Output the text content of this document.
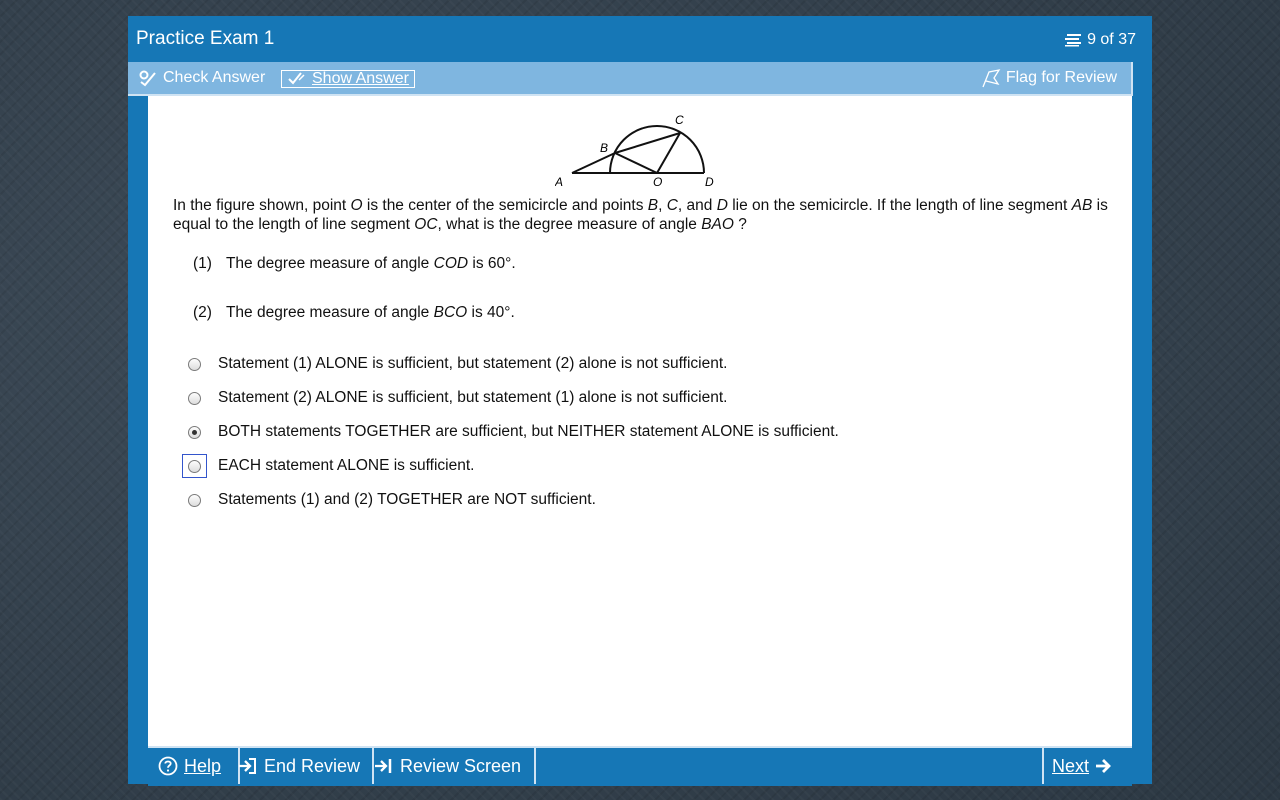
Practice Exam 1	9 of 37
Check Answer	Show Answer	Flag for Review
A
B
C
O	D
In the figure shown, point O is the center of the semicircle and points B, C, and D lie on the semicircle. If the length of line segment AB is equal to the length of line segment OC, what is the degree measure of angle BAO ?
(1) The degree measure of angle COD is 60°.
(2) The degree measure of angle BCO is 40°.
Statement (1) ALONE is sufficient, but statement (2) alone is not sufficient.
Statement (2) ALONE is sufficient, but statement (1) alone is not sufficient.
BOTH statements TOGETHER are sufficient, but NEITHER statement ALONE is sufficient.
EACH statement ALONE is sufficient.
Statements (1) and (2) TOGETHER are NOT sufficient.
Help End Review Review Screen	Next
